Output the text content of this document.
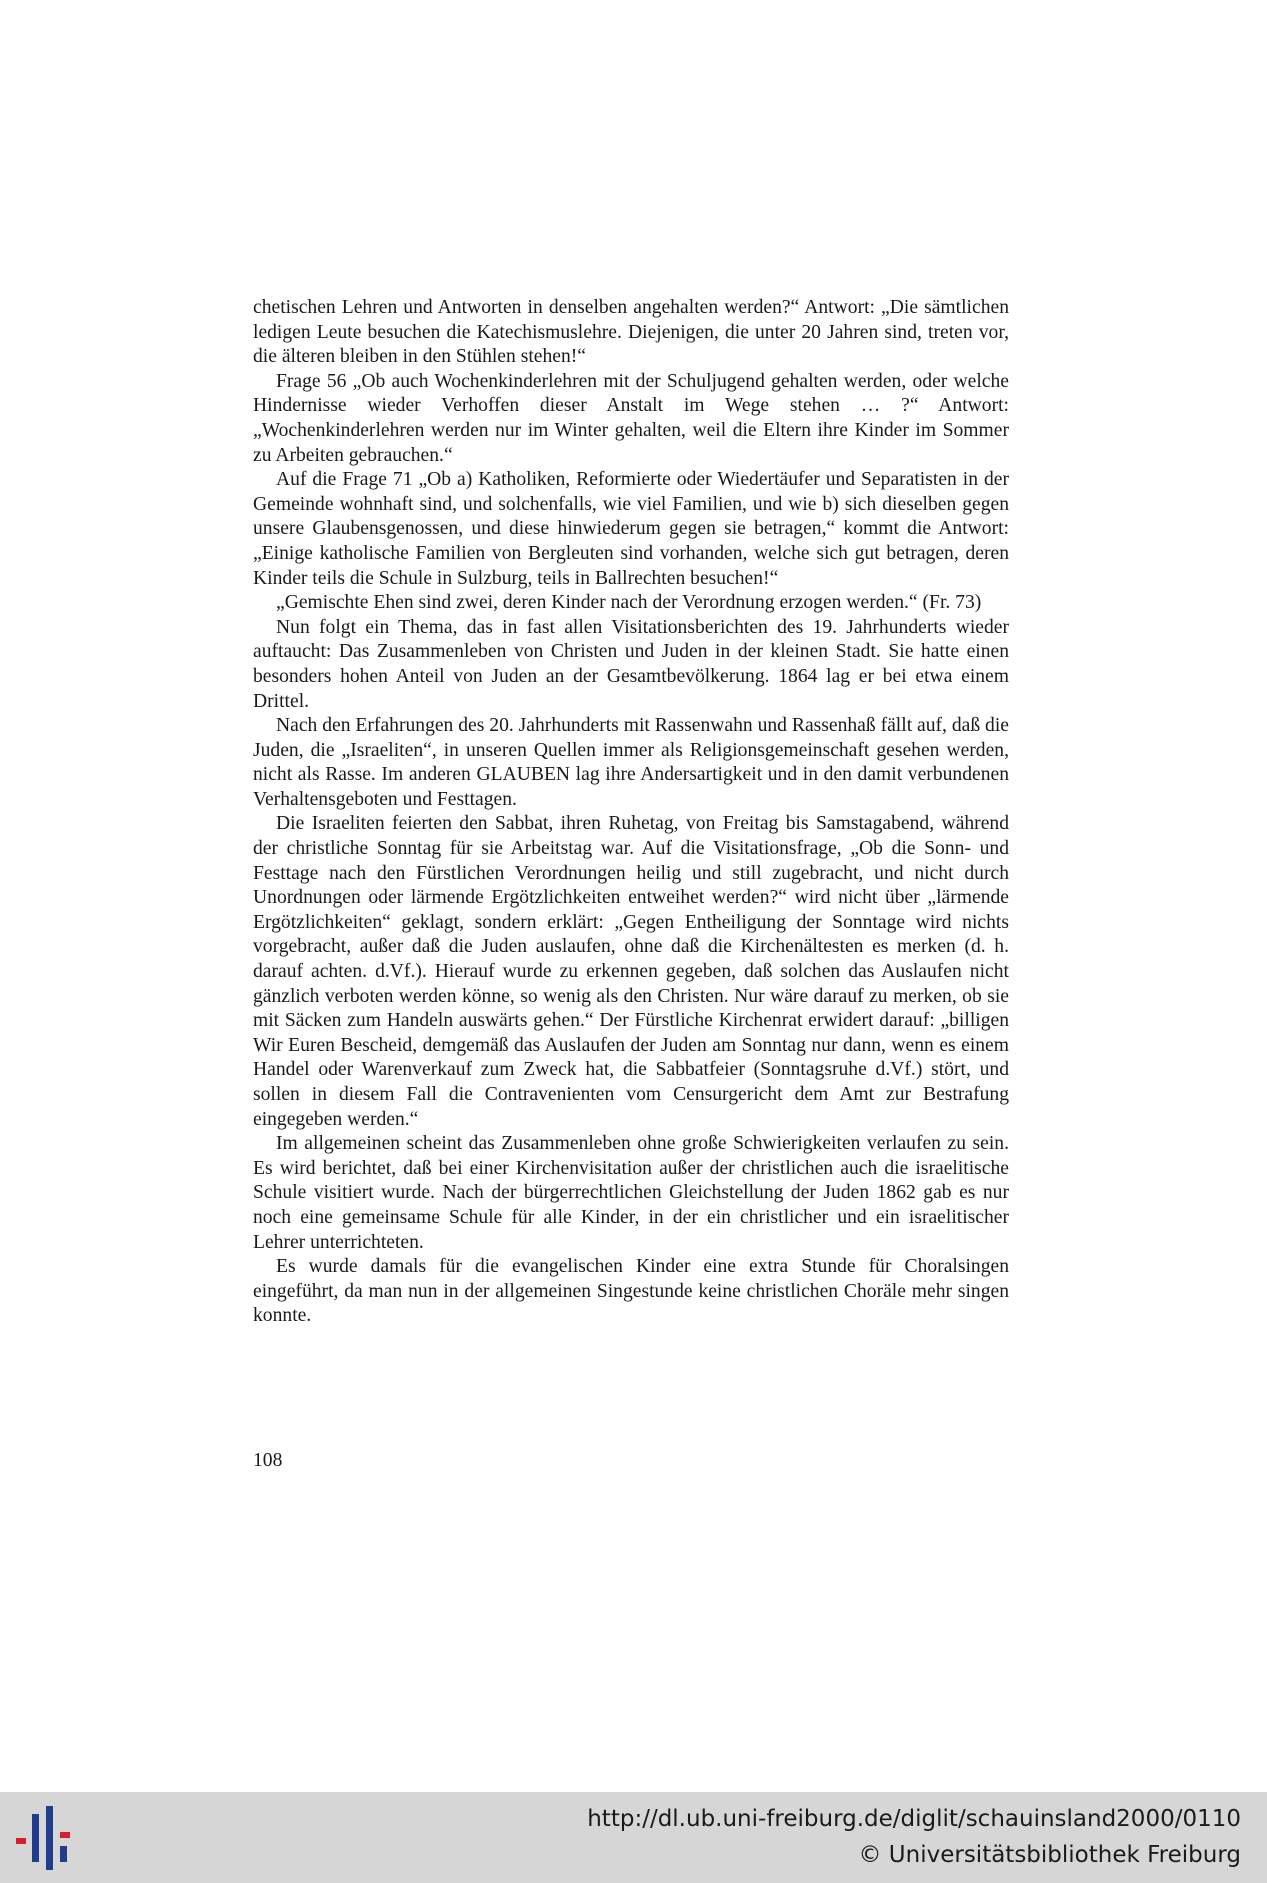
chetischen Lehren und Antworten in denselben angehalten werden?“ Antwort: „Die sämtlichen ledigen Leute besuchen die Katechismuslehre. Diejenigen, die unter 20 Jahren sind, treten vor, die älteren bleiben in den Stühlen stehen!“

Frage 56 „Ob auch Wochenkinderlehren mit der Schuljugend gehalten werden, oder welche Hindernisse wieder Verhoffen dieser Anstalt im Wege stehen … ?“ Antwort: „Wochenkinderlehren werden nur im Winter gehalten, weil die Eltern ihre Kinder im Sommer zu Arbeiten gebrauchen.“

Auf die Frage 71 „Ob a) Katholiken, Reformierte oder Wiedertäufer und Separatisten in der Gemeinde wohnhaft sind, und solchenfalls, wie viel Familien, und wie b) sich dieselben gegen unsere Glaubensgenossen, und diese hinwiederum gegen sie betragen,“ kommt die Antwort: „Einige katholische Familien von Bergleuten sind vorhanden, welche sich gut betragen, deren Kinder teils die Schule in Sulzburg, teils in Ballrechten besuchen!“

„Gemischte Ehen sind zwei, deren Kinder nach der Verordnung erzogen werden.“ (Fr. 73)

Nun folgt ein Thema, das in fast allen Visitationsberichten des 19. Jahrhunderts wieder auftaucht: Das Zusammenleben von Christen und Juden in der kleinen Stadt. Sie hatte einen besonders hohen Anteil von Juden an der Gesamtbevölkerung. 1864 lag er bei etwa einem Drittel.

Nach den Erfahrungen des 20. Jahrhunderts mit Rassenwahn und Rassenhaß fällt auf, daß die Juden, die „Israeliten“, in unseren Quellen immer als Religionsgemeinschaft gesehen werden, nicht als Rasse. Im anderen GLAUBEN lag ihre Andersartigkeit und in den damit verbundenen Verhaltensgeboten und Festtagen.

Die Israeliten feierten den Sabbat, ihren Ruhetag, von Freitag bis Samstagabend, während der christliche Sonntag für sie Arbeitstag war. Auf die Visitationsfrage, „Ob die Sonn- und Festtage nach den Fürstlichen Verordnungen heilig und still zugebracht, und nicht durch Unordnungen oder lärmende Ergötzlichkeiten entweihet werden?“ wird nicht über „lärmende Ergötzlichkeiten“ geklagt, sondern erklärt: „Gegen Entheiligung der Sonntage wird nichts vorgebracht, außer daß die Juden auslaufen, ohne daß die Kirchenältesten es merken (d. h. darauf achten. d.Vf.). Hierauf wurde zu erkennen gegeben, daß solchen das Auslaufen nicht gänzlich verboten werden könne, so wenig als den Christen. Nur wäre darauf zu merken, ob sie mit Säcken zum Handeln auswärts gehen.“ Der Fürstliche Kirchenrat erwidert darauf: „billigen Wir Euren Bescheid, demgemäß das Auslaufen der Juden am Sonntag nur dann, wenn es einem Handel oder Warenverkauf zum Zweck hat, die Sabbatfeier (Sonntagsruhe d.Vf.) stört, und sollen in diesem Fall die Contravenienten vom Censurgericht dem Amt zur Bestrafung eingegeben werden.“

Im allgemeinen scheint das Zusammenleben ohne große Schwierigkeiten verlaufen zu sein. Es wird berichtet, daß bei einer Kirchenvisitation außer der christlichen auch die israelitische Schule visitiert wurde. Nach der bürgerrechtlichen Gleichstellung der Juden 1862 gab es nur noch eine gemeinsame Schule für alle Kinder, in der ein christlicher und ein israelitischer Lehrer unterrichteten.

Es wurde damals für die evangelischen Kinder eine extra Stunde für Choralsingen eingeführt, da man nun in der allgemeinen Singestunde keine christlichen Choräle mehr singen konnte.

108
http://dl.ub.uni-freiburg.de/diglit/schauinsland2000/0110
© Universitätsbibliothek Freiburg
